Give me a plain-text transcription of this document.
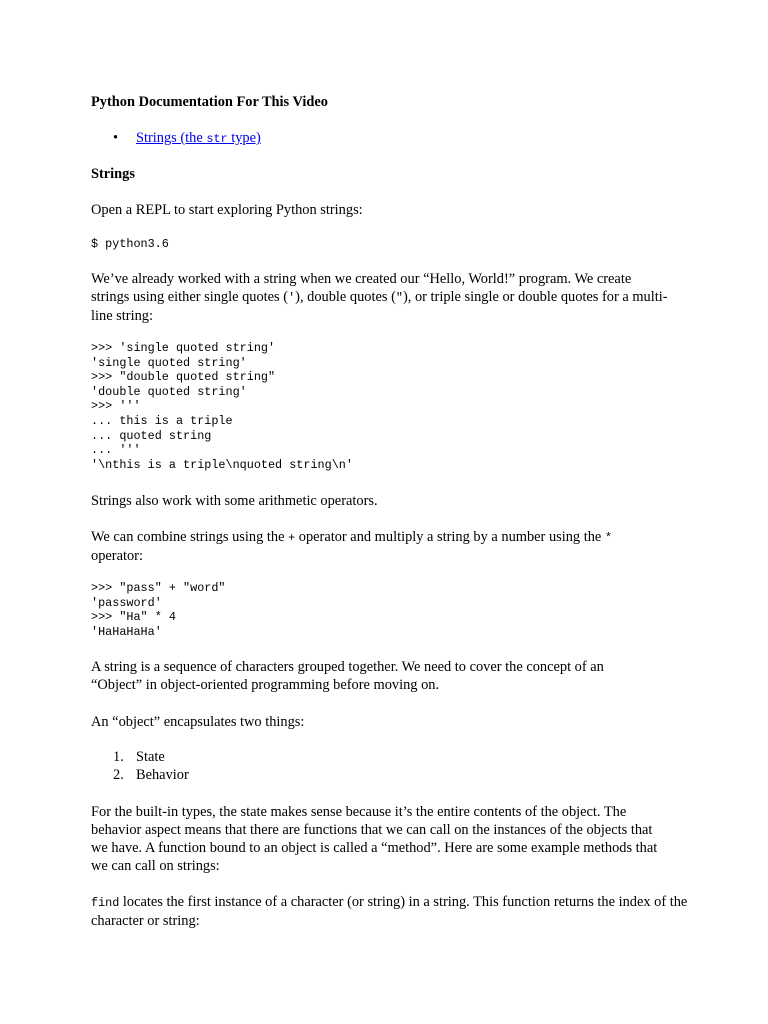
Python Documentation For This Video
• Strings (the str type)
Strings

Open a REPL to start exploring Python strings:

$ python3.6

We’ve already worked with a string when we created our “Hello, World!” program. We create strings using either single quotes ('), double quotes ("), or triple single or double quotes for a multi-line string:

>>> 'single quoted string'
'single quoted string'
>>> "double quoted string"
'double quoted string'
>>> '''
... this is a triple
... quoted string
... '''
'\nthis is a triple\nquoted string\n'

Strings also work with some arithmetic operators.

We can combine strings using the + operator and multiply a string by a number using the * operator:

>>> "pass" + "word"
'password'
>>> "Ha" * 4
'HaHaHaHa'

A string is a sequence of characters grouped together. We need to cover the concept of an “Object” in object-oriented programming before moving on.

An “object” encapsulates two things:

1. State
2. Behavior

For the built-in types, the state makes sense because it’s the entire contents of the object. The behavior aspect means that there are functions that we can call on the instances of the objects that we have. A function bound to an object is called a “method”. Here are some example methods that we can call on strings:

find locates the first instance of a character (or string) in a string. This function returns the index of the character or string:
